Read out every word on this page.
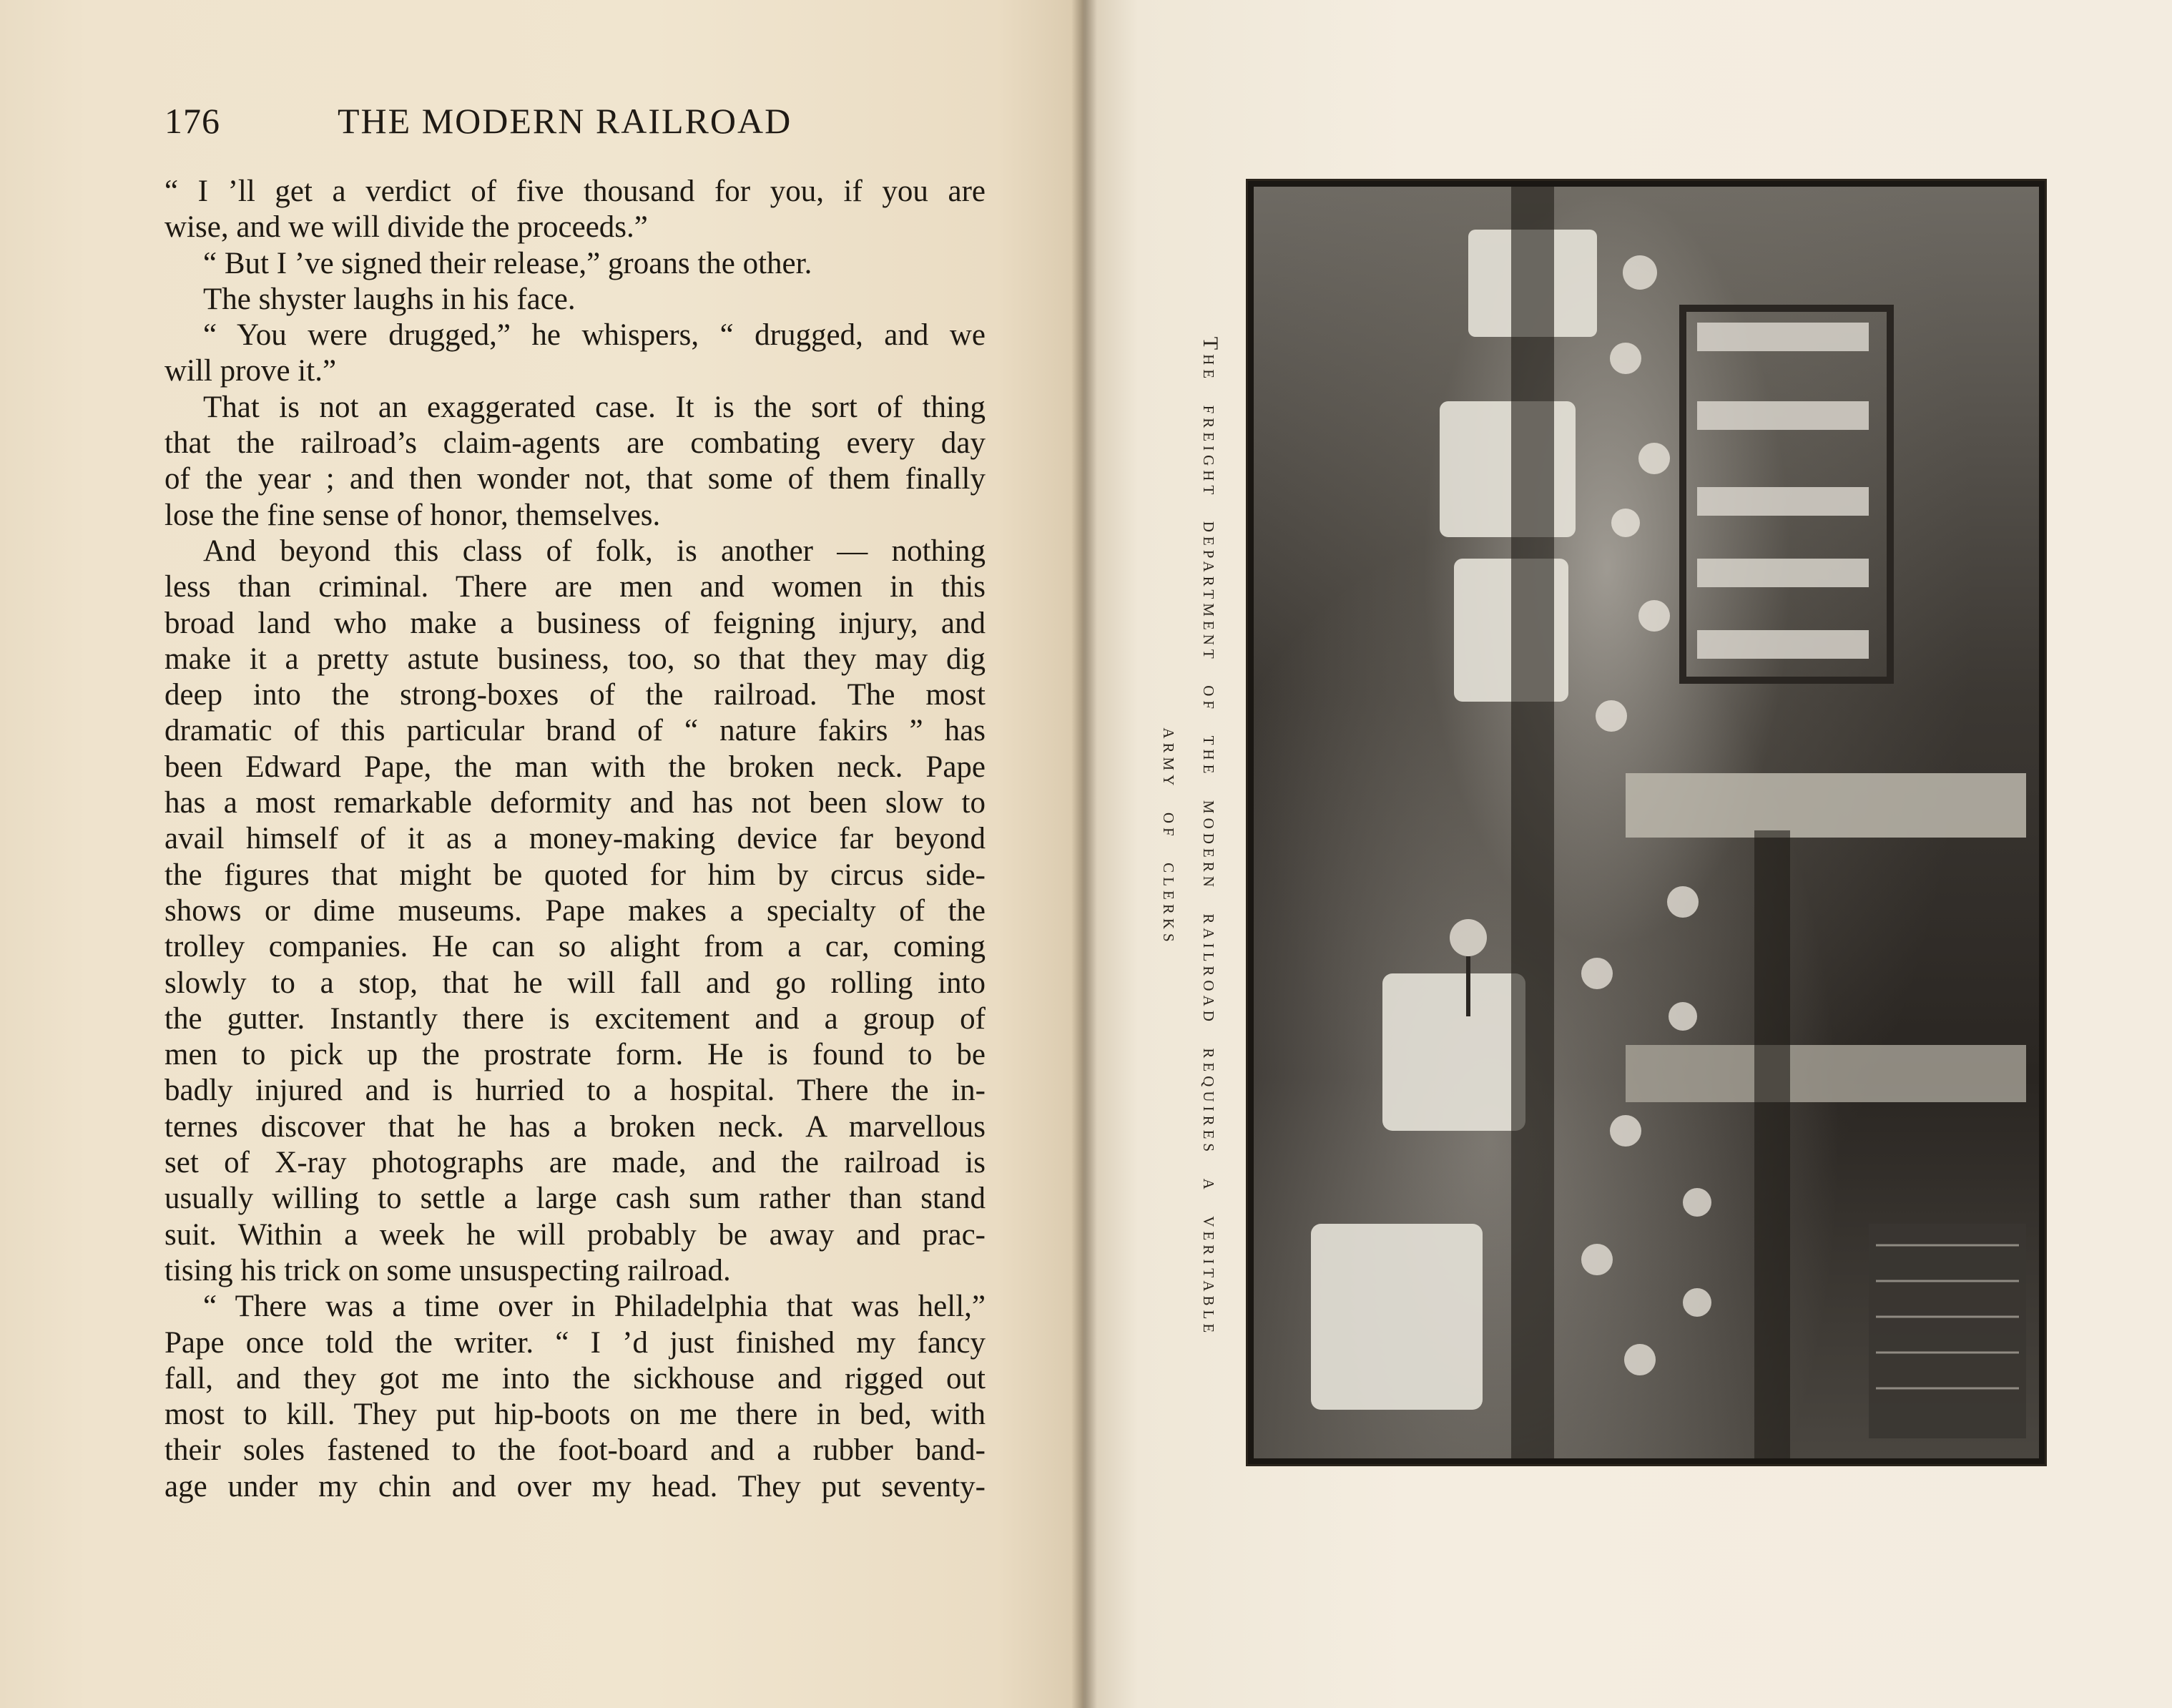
176	THE MODERN RAILROAD
“ I ’ll get a verdict of five thousand for you, if you are
wise, and we will divide the proceeds.”
“ But I ’ve signed their release,” groans the other.
The shyster laughs in his face.
“ You were drugged,” he whispers, “ drugged, and we
will prove it.”
That is not an exaggerated case. It is the sort of thing
that the railroad’s claim-agents are combating every day
of the year ; and then wonder not, that some of them finally
lose the fine sense of honor, themselves.
And beyond this class of folk, is another — nothing
less than criminal. There are men and women in this
broad land who make a business of feigning injury, and
make it a pretty astute business, too, so that they may dig
deep into the strong-boxes of the railroad. The most
dramatic of this particular brand of “ nature fakirs ” has
been Edward Pape, the man with the broken neck. Pape
has a most remarkable deformity and has not been slow to
avail himself of it as a money-making device far beyond
the figures that might be quoted for him by circus side-
shows or dime museums. Pape makes a specialty of the
trolley companies. He can so alight from a car, coming
slowly to a stop, that he will fall and go rolling into
the gutter. Instantly there is excitement and a group of
men to pick up the prostrate form. He is found to be
badly injured and is hurried to a hospital. There the in-
ternes discover that he has a broken neck. A marvellous
set of X-ray photographs are made, and the railroad is
usually willing to settle a large cash sum rather than stand
suit. Within a week he will probably be away and prac-
tising his trick on some unsuspecting railroad.
“ There was a time over in Philadelphia that was hell,”
Pape once told the writer. “ I ’d just finished my fancy
fall, and they got me into the sickhouse and rigged out
most to kill. They put hip-boots on me there in bed, with
their soles fastened to the foot-board and a rubber band-
age under my chin and over my head. They put seventy-
The freight department of the modern railroad requires a veritable
army of clerks
